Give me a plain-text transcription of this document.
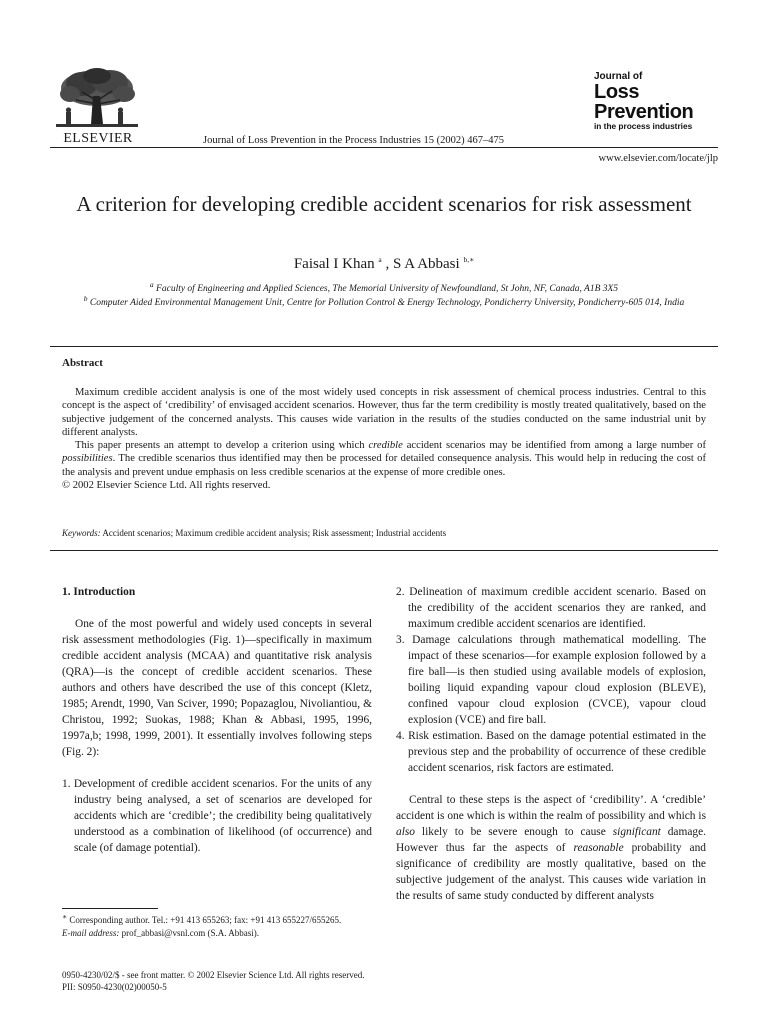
ELSEVIER	Journal of Loss Prevention in the Process Industries 15 (2002) 467–475
Journal of
Loss
Prevention
in the process industries
www.elsevier.com/locate/jlp
A criterion for developing credible accident scenarios for risk assessment
Faisal I Khan $^a$ , S A Abbasi $^{b,∗}$
$^a$ Faculty of Engineering and Applied Sciences, The Memorial University of Newfoundland, St John, NF, Canada, A1B 3X5
$^b$ Computer Aided Environmental Management Unit, Centre for Pollution Control & Energy Technology, Pondicherry University, Pondicherry-605 014, India
Abstract

Maximum credible accident analysis is one of the most widely used concepts in risk assessment of chemical process industries. Central to this concept is the aspect of ‘credibility’ of envisaged accident scenarios. However, thus far the term credibility is mostly treated qualitatively, based on the subjective judgement of the concerned analysts. This causes wide variation in the results of the studies conducted on the same industrial unit by different analysts.

This paper presents an attempt to develop a criterion using which credible accident scenarios may be identified from among a large number of possibilities. The credible scenarios thus identified may then be processed for detailed consequence analysis. This would help in reducing the cost of the analysis and prevent undue emphasis on less credible scenarios at the expense of more credible ones.

© 2002 Elsevier Science Ltd. All rights reserved.

Keywords: Accident scenarios; Maximum credible accident analysis; Risk assessment; Industrial accidents

1. Introduction

One of the most powerful and widely used concepts in several risk assessment methodologies (Fig. 1)—specifically in maximum credible accident analysis (MCAA) and quantitative risk analysis (QRA)—is the concept of credible accident scenarios. These authors and others have described the use of this concept (Kletz, 1985; Arendt, 1990, Van Sciver, 1990; Popazaglou, Nivoliantiou, & Christou, 1992; Suokas, 1988; Khan & Abbasi, 1995, 1996, 1997a,b; 1998, 1999, 2001). It essentially involves following steps (Fig. 2):

1. Development of credible accident scenarios. For the units of any industry being analysed, a set of scenarios are developed for accidents which are ‘credible’; the credibility being qualitatively understood as a combination of likelihood (of occurrence) and scale (of damage potential).

∗ Corresponding author. Tel.: +91 413 655263; fax: +91 413 655227/655265.

E-mail address: prof_abbasi@vsnl.com (S.A. Abbasi).

2. Delineation of maximum credible accident scenario. Based on the credibility of the accident scenarios they are ranked, and maximum credible accident scenarios are identified.

3. Damage calculations through mathematical modelling. The impact of these scenarios—for example explosion followed by a fire ball—is then studied using available models of explosion, boiling liquid expanding vapour cloud explosion (BLEVE), confined vapour cloud explosion (CVCE), vapour cloud explosion (VCE) and fire ball.

4. Risk estimation. Based on the damage potential estimated in the previous step and the probability of occurrence of these credible accident scenarios, risk factors are estimated.

Central to these steps is the aspect of ‘credibility’. A ‘credible’ accident is one which is within the realm of possibility and which is also likely to be severe enough to cause significant damage. However thus far the aspects of reasonable probability and significance of credibility are mostly qualitative, based on the subjective judgement of the analyst. This causes wide variation in the results of same study conducted by different analysts

0950-4230/02/$ - see front matter. © 2002 Elsevier Science Ltd. All rights reserved.

PII: S0950-4230(02)00050-5
